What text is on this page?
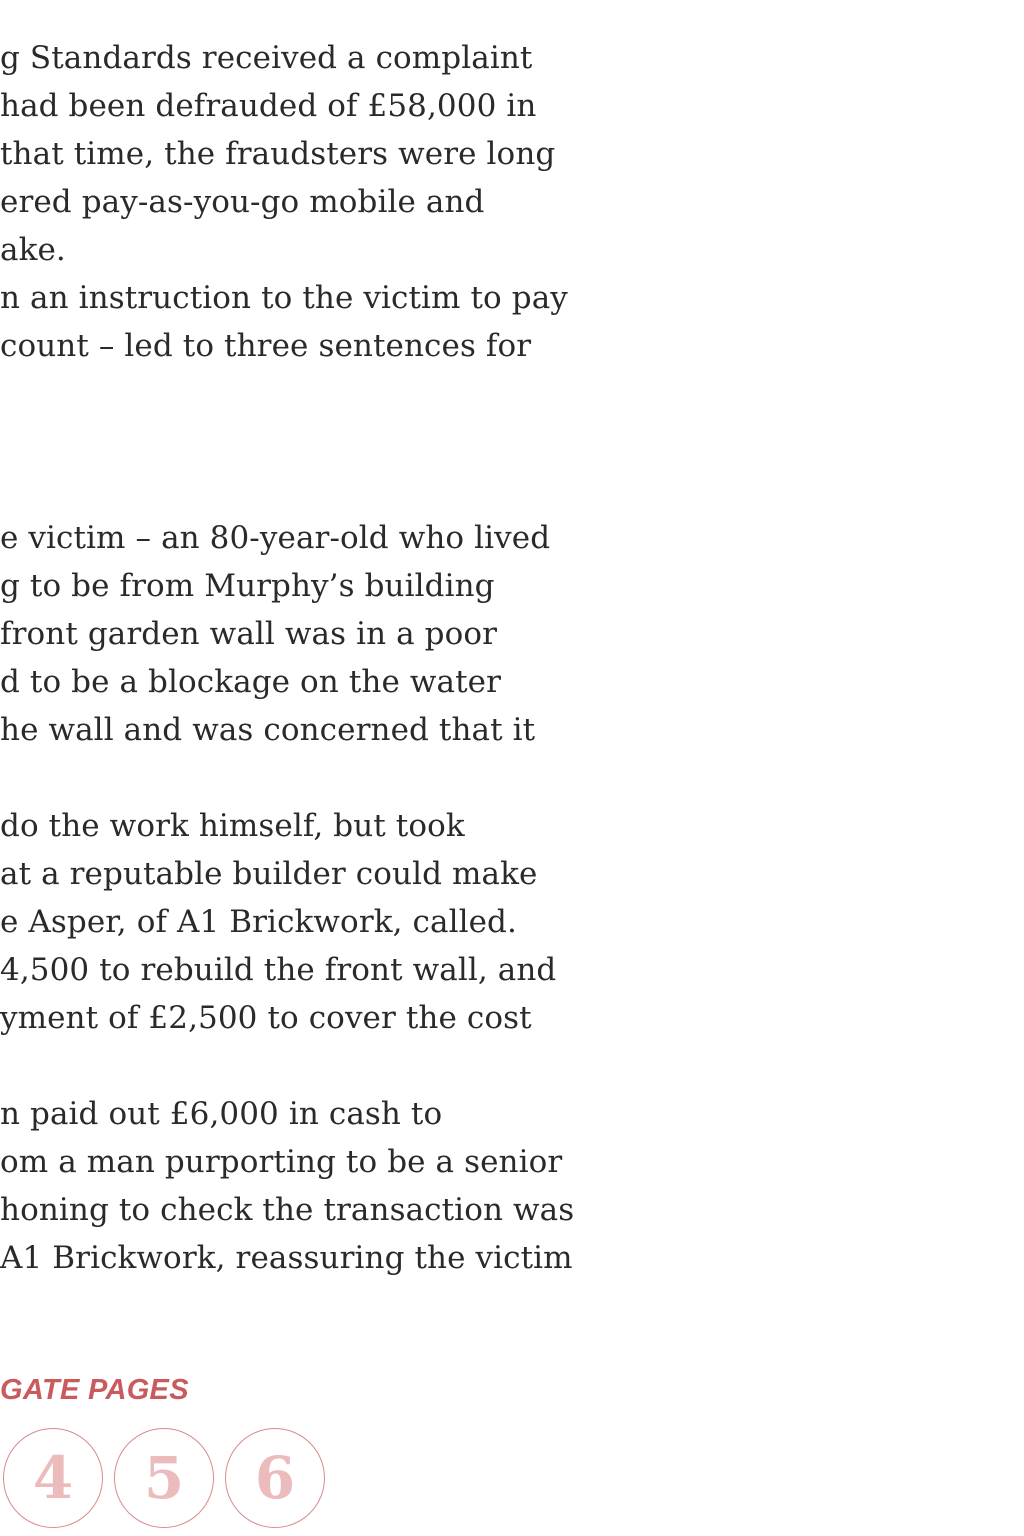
g Standards received a complaint
had been defrauded of £58,000 in
that time, the fraudsters were long
ered pay-as-you-go mobile and
ake.
n an instruction to the victim to pay
count – led to three sentences for
e victim – an 80-year-old who lived
g to be from Murphy’s building
front garden wall was in a poor
d to be a blockage on the water
he wall and was concerned that it
do the work himself, but took
at a reputable builder could make
e Asper, of A1 Brickwork, called.
4,500 to rebuild the front wall, and
yment of £2,500 to cover the cost
n paid out £6,000 in cash to
om a man purporting to be a senior
honing to check the transaction was
A1 Brickwork, reassuring the victim
GATE PAGES
4	5	6
